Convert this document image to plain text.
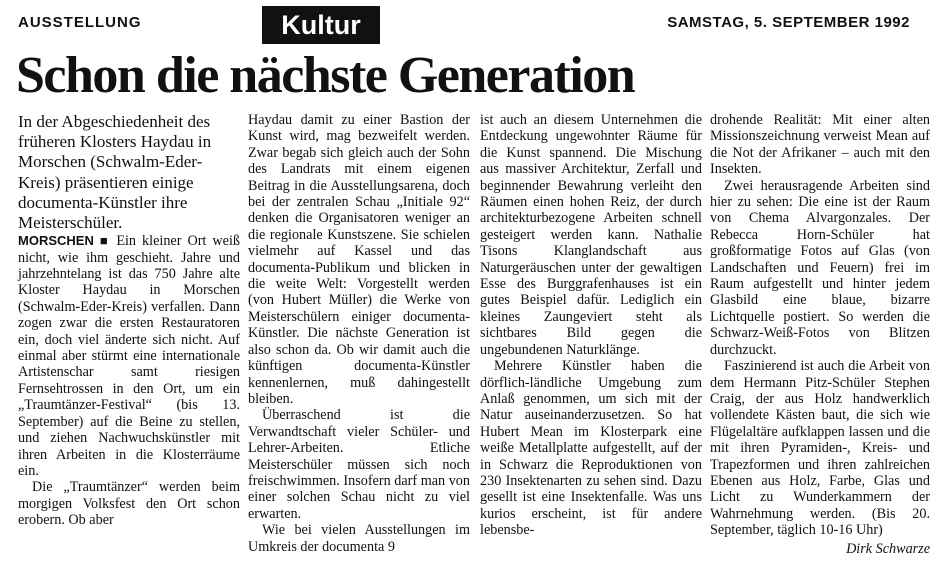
AUSSTELLUNG	Kultur	SAMSTAG, 5. SEPTEMBER 1992
Schon die nächste Generation

In der Abgeschiedenheit des früheren Klosters Haydau in Morschen (Schwalm-Eder-Kreis) präsentieren einige documenta-Künstler ihre Meisterschüler.

MORSCHEN ■ Ein kleiner Ort weiß nicht, wie ihm geschieht. Jahre und jahrzehntelang ist das 750 Jahre alte Kloster Haydau in Morschen (Schwalm-Eder-Kreis) verfallen. Dann zogen zwar die ersten Restauratoren ein, doch viel änderte sich nicht. Auf einmal aber stürmt eine internationale Artistenschar samt riesigen Fernsehtrossen in den Ort, um ein „Traumtänzer-Festival“ (bis 13. September) auf die Beine zu stellen, und ziehen Nachwuchskünstler mit ihren Arbeiten in die Klosterräume ein.

Die „Traumtänzer“ werden beim morgigen Volksfest den Ort schon erobern. Ob aber

Haydau damit zu einer Bastion der Kunst wird, mag bezweifelt werden. Zwar begab sich gleich auch der Sohn des Landrats mit einem eigenen Beitrag in die Ausstellungsarena, doch bei der zentralen Schau „Initiale 92“ denken die Organisatoren weniger an die regionale Kunstszene. Sie schielen vielmehr auf Kassel und das documenta-Publikum und blicken in die weite Welt: Vorgestellt werden (von Hubert Müller) die Werke von Meisterschülern einiger documenta-Künstler. Die nächste Generation ist also schon da. Ob wir damit auch die künftigen documenta-Künstler kennenlernen, muß dahingestellt bleiben.

Überraschend ist die Verwandtschaft vieler Schüler- und Lehrer-Arbeiten. Etliche Meisterschüler müssen sich noch freischwimmen. Insofern darf man von einer solchen Schau nicht zu viel erwarten.

Wie bei vielen Ausstellungen im Umkreis der documenta 9

ist auch an diesem Unternehmen die Entdeckung ungewohnter Räume für die Kunst spannend. Die Mischung aus massiver Architektur, Zerfall und beginnender Bewahrung verleiht den Räumen einen hohen Reiz, der durch architekturbezogene Arbeiten schnell gesteigert werden kann. Nathalie Tisons Klanglandschaft aus Naturgeräuschen unter der gewaltigen Esse des Burggrafenhauses ist ein gutes Beispiel dafür. Lediglich ein kleines Zaungeviert steht als sichtbares Bild gegen die ungebundenen Naturklänge.

Mehrere Künstler haben die dörflich-ländliche Umgebung zum Anlaß genommen, um sich mit der Natur auseinanderzusetzen. So hat Hubert Mean im Klosterpark eine weiße Metallplatte aufgestellt, auf der in Schwarz die Reproduktionen von 230 Insektenarten zu sehen sind. Dazu gesellt ist eine Insektenfalle. Was uns kurios erscheint, ist für andere lebensbe-

drohende Realität: Mit einer alten Missionszeichnung verweist Mean auf die Not der Afrikaner – auch mit den Insekten.

Zwei herausragende Arbeiten sind hier zu sehen: Die eine ist der Raum von Chema Alvargonzales. Der Rebecca Horn-Schüler hat großformatige Fotos auf Glas (von Landschaften und Feuern) frei im Raum aufgestellt und hinter jedem Glasbild eine blaue, bizarre Lichtquelle postiert. So werden die Schwarz-Weiß-Fotos von Blitzen durchzuckt.

Faszinierend ist auch die Arbeit von dem Hermann Pitz-Schüler Stephen Craig, der aus Holz handwerklich vollendete Kästen baut, die sich wie Flügelaltäre aufklappen lassen und die mit ihren Pyramiden-, Kreis- und Trapezformen und ihren zahlreichen Ebenen aus Holz, Farbe, Glas und Licht zu Wunderkammern der Wahrnehmung werden. (Bis 20. September, täglich 10-16 Uhr)

Dirk Schwarze
